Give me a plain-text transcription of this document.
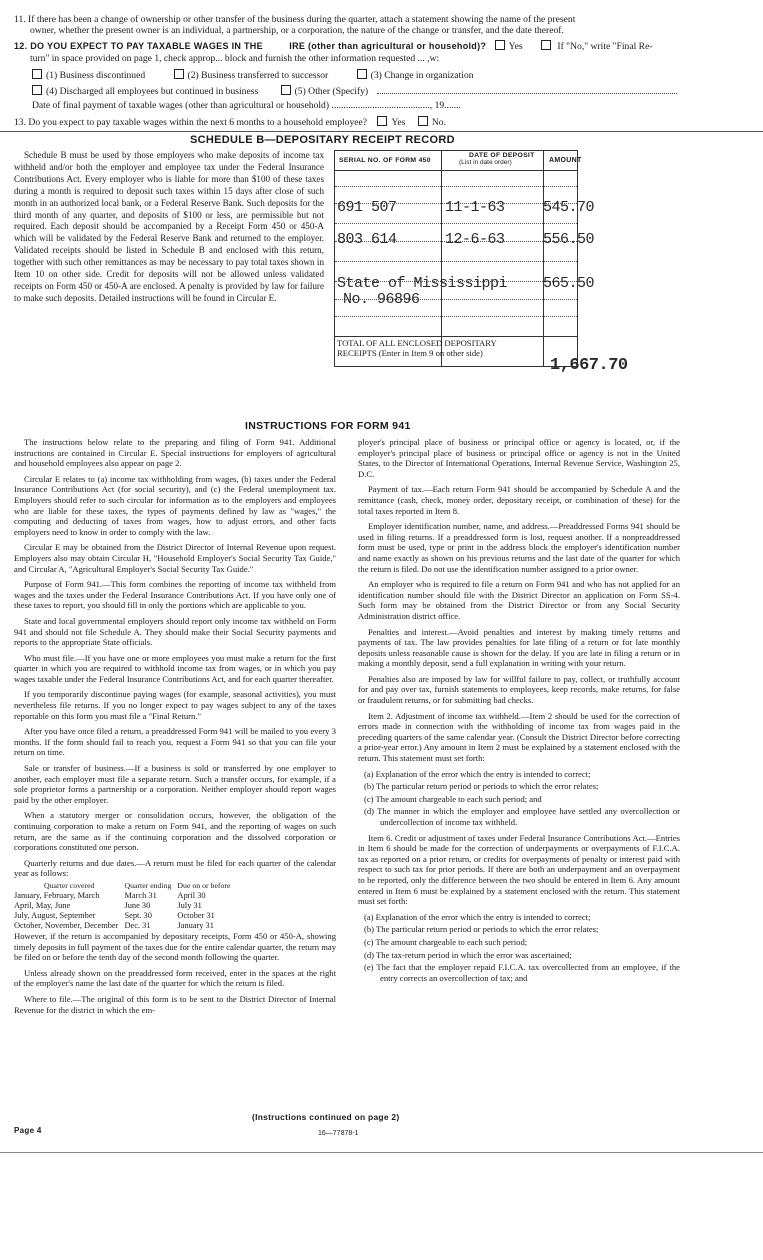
11. If there has been a change of ownership or other transfer of the business during the quarter, attach a statement showing the name of the present
owner, whether the present owner is an individual, a partnership, or a corporation, the nature of the change or transfer, and the date thereof.
12. DO YOU EXPECT TO PAY TAXABLE WAGES IN THE	IRE (other than agricultural or household)? Yes	If "No," write "Final Re-
turn" in space provided on page 1, check approp... block and furnish the other information requested ... ,w:
(1) Business discontinued	(2) Business transferred to successor	(3) Change in organization
(4) Discharged all employees but continued in business	(5) Other (Specify)
Date of final payment of taxable wages (other than agricultural or household) ........................................., 19.......
13. Do you expect to pay taxable wages within the next 6 months to a household employee?	Yes	No.
SCHEDULE B—DEPOSITARY RECEIPT RECORD
Schedule B must be used by those employers who make deposits of income tax withheld and/or both the employer and employee tax under the Federal Insurance Contributions Act. Every employer who is liable for more than $100 of these taxes during a month is required to deposit such taxes within 15 days after close of such month in an authorized local bank, or a Federal Reserve Bank. Such deposits for the third month of any quarter, and deposits of $100 or less, are permissible but not required. Each deposit should be accompanied by a Receipt Form 450 or 450-A which will be validated by the Federal Reserve Bank and returned to the employer. Validated receipts should be listed in Schedule B and enclosed with this return, together with such other remittances as may be necessary to pay total taxes shown in Item 10 on other side. Credit for deposits will not be allowed unless validated receipts on Form 450 or 450-A are enclosed. A penalty is provided by law for failure to make such deposits. Detailed instructions will be found in Circular E.
SERIAL NO. OF FORM 450
DATE OF DEPOSIT
(List in date order)	AMOUNT
691 507	11-1-63	545.70
803 614	12-6-63	556.50
State of Mississippi 565.50
No. 96896
TOTAL OF ALL ENCLOSED DEPOSITARY
RECEIPTS (Enter in Item 9 on other side)
1,667.70
INSTRUCTIONS FOR FORM 941

The instructions below relate to the preparing and filing of Form 941. Additional instructions are contained in Circular E. Special instructions for employers of agricultural and household employees also appear on page 2.

Circular E relates to (a) income tax withholding from wages, (b) taxes under the Federal Insurance Contributions Act (for social security), and (c) the Federal unemployment tax. Employers should refer to such circular for information as to the employers and employees who are liable for these taxes, the types of payments defined by law as "wages," the computing and deducting of taxes from wages, how to adjust errors, and other facts employers need to know in order to comply with the law.

Circular E may be obtained from the District Director of Internal Revenue upon request. Employers also may obtain Circular H, "Household Employer's Social Security Tax Guide," and Circular A, "Agricultural Employer's Social Security Tax Guide."

Purpose of Form 941.—This form combines the reporting of income tax withheld from wages and the taxes under the Federal Insurance Contributions Act. If you have only one of these taxes to report, you should fill in only the portions which are applicable to you.

State and local governmental employers should report only income tax withheld on Form 941 and should not file Schedule A. They should make their Social Security payments and reports to the appropriate State officials.

Who must file.—If you have one or more employees you must make a return for the first quarter in which you are required to withhold income tax from wages, or in which you pay wages taxable under the Federal Insurance Contributions Act, and for each quarter thereafter.

If you temporarily discontinue paying wages (for example, seasonal activities), you must nevertheless file returns. If you no longer expect to pay wages subject to any of the taxes reportable on this form you must file a "Final Return."

After you have once filed a return, a preaddressed Form 941 will be mailed to you every 3 months. If the form should fail to reach you, request a Form 941 so that you can file your return on time.

Sale or transfer of business.—If a business is sold or transferred by one employer to another, each employer must file a separate return. Such a transfer occurs, for example, if a sole proprietor forms a partnership or a corporation. Neither employer should report wages paid by the other employer.

When a statutory merger or consolidation occurs, however, the obligation of the continuing corporation to make a return on Form 941, and the reporting of wages on such return, are the same as if the continuing corporation and the dissolved corporation or corporations constituted one person.

Quarterly returns and due dates.—A return must be filed for each quarter of the calendar year as follows:

Quarter covered	Quarter ending	Due on or before
January, February, March	March 31	April 30
April, May, June	June 30	July 31
July, August, September	Sept. 30	October 31
October, November, December	Dec. 31	January 31

However, if the return is accompanied by depositary receipts, Form 450 or 450-A, showing timely deposits in full payment of the taxes due for the entire calendar quarter, the return may be filed on or before the tenth day of the second month following the quarter.

Unless already shown on the preaddressed form received, enter in the spaces at the right of the employer's name the last date of the quarter for which the return is filed.

Where to file.—The original of this form is to be sent to the District Director of Internal Revenue for the district in which the em-

ployer's principal place of business or principal office or agency is located, or, if the employer's principal place of business or principal office or agency is not in the United States, to the Director of International Operations, Internal Revenue Service, Washington 25, D.C.

Payment of tax.—Each return Form 941 should be accompanied by Schedule A and the remittance (cash, check, money order, depositary receipt, or combination of these) for the total taxes reported in Item 8.

Employer identification number, name, and address.—Preaddressed Forms 941 should be used in filing returns. If a preaddressed form is lost, request another. If a nonpreaddressed form must be used, type or print in the address block the employer's identification number and name exactly as shown on his previous returns and the last date of the quarter for which the return is filed. Do not use the identification number assigned to a prior owner.

An employer who is required to file a return on Form 941 and who has not applied for an identification number should file with the District Director an application on Form SS-4. Such form may be obtained from the District Director or from any Social Security Administration district office.

Penalties and interest.—Avoid penalties and interest by making timely returns and payments of tax. The law provides penalties for late filing of a return or for late monthly deposits unless reasonable cause is shown for the delay. If you are late in filing a return or in making a monthly deposit, send a full explanation in writing with your return.

Penalties also are imposed by law for willful failure to pay, collect, or truthfully account for and pay over tax, furnish statements to employees, keep records, make returns, for false or fraudulent returns, or for submitting bad checks.

Item 2. Adjustment of income tax withheld.—Item 2 should be used for the correction of errors made in connection with the withholding of income tax from wages paid in the preceding quarters of the same calendar year. (Consult the District Director before correcting a prior-year error.) Any amount in Item 2 must be explained by a statement enclosed with the return. This statement must set forth:

(a) Explanation of the error which the entry is intended to correct;

(b) The particular return period or periods to which the error relates;

(c) The amount chargeable to each such period; and

(d) The manner in which the employer and employee have settled any overcollection or undercollection of income tax withheld.

Item 6. Credit or adjustment of taxes under Federal Insurance Contributions Act.—Entries in Item 6 should be made for the correction of underpayments or overpayments of F.I.C.A. tax as reported on a prior return, or credits for overpayments of penalty or interest paid with respect to such tax for prior periods. If there are both an underpayment and an overpayment to be reported, only the difference between the two should be entered in Item 6. Any amount entered in Item 6 must be explained by a statement enclosed with the return. This statement must set forth:

(a) Explanation of the error which the entry is intended to correct;

(b) The particular return period or periods to which the error relates;

(c) The amount chargeable to each such period;

(d) The tax-return period in which the error was ascertained;

(e) The fact that the employer repaid F.I.C.A. tax overcollected from an employee, if the entry corrects an overcollection of tax; and

(Instructions continued on page 2)
Page 4	16—77878-1
